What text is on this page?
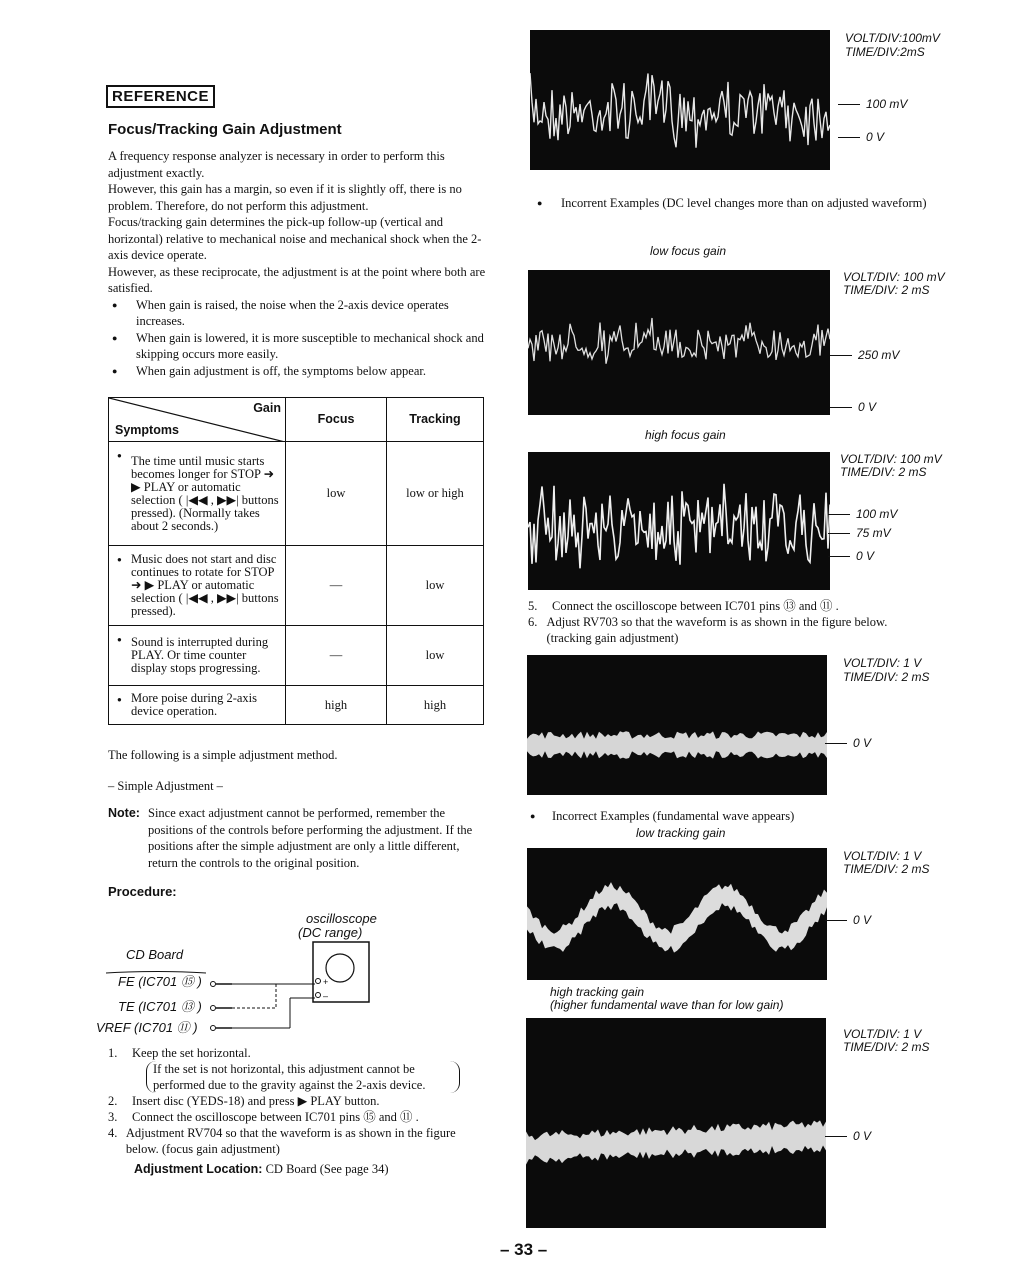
REFERENCE
Focus/Tracking Gain Adjustment
A frequency response analyzer is necessary in order to perform this adjustment exactly.
However, this gain has a margin, so even if it is slightly off, there is no problem. Therefore, do not perform this adjustment.
Focus/tracking gain determines the pick-up follow-up (vertical and horizontal) relative to mechanical noise and mechanical shock when the 2-axis device operate.
However, as these reciprocate, the adjustment is at the point where both are satisfied.
● When gain is raised, the noise when the 2-axis device operates increases.
● When gain is lowered, it is more susceptible to mechanical shock and skipping occurs more easily.
● When gain adjustment is off, the symptoms below appear.
Gain
Symptoms	Focus	Tracking
● The time until music starts becomes longer for STOP ➜ ▶ PLAY or automatic selection ( |◀◀ , ▶▶| buttons pressed). (Normally takes about 2 seconds.)	low	low or high
● Music does not start and disc continues to rotate for STOP ➜ ▶ PLAY or automatic selection ( |◀◀ , ▶▶| buttons pressed).	—	low
● Sound is interrupted during PLAY. Or time counter display stops progressing.	—	low
● More poise during 2-axis device operation.	high	high
The following is a simple adjustment method.
– Simple Adjustment –
Note: Since exact adjustment cannot be performed, remember the positions of the controls before performing the adjustment. If the positions after the simple adjustment are only a little different, return the controls to the original position.
Procedure:
oscilloscope
(DC range)
CD Board
FE (IC701 ⑮ )
TE (IC701 ⑬ )
VREF (IC701 ⑪ )
+
–
1. Keep the set horizontal.
If the set is not horizontal, this adjustment cannot be performed due to the gravity against the 2-axis device.
2. Insert disc (YEDS-18) and press ▶ PLAY button.
3. Connect the oscilloscope between IC701 pins ⑮ and ⑪ .
4. Adjustment RV704 so that the waveform is as shown in the figure below. (focus gain adjustment)
Adjustment Location: CD Board (See page 34)
VOLT/DIV:100mV
TIME/DIV:2mS
100 mV
0 V
● Incorrent Examples (DC level changes more than on adjusted waveform)
low focus gain
VOLT/DIV: 100 mV
TIME/DIV: 2 mS
250 mV
0 V
high focus gain
VOLT/DIV: 100 mV
TIME/DIV: 2 mS
100 mV
75 mV
0 V
5.	Connect the oscilloscope between IC701 pins ⑬ and ⑪ .
6. Adjust RV703 so that the waveform is as shown in the figure below. (tracking gain adjustment)
VOLT/DIV: 1 V
TIME/DIV: 2 mS
0 V
● Incorrect Examples (fundamental wave appears)
low tracking gain
VOLT/DIV: 1 V
TIME/DIV: 2 mS
0 V
high tracking gain
(higher fundamental wave than for low gain)
VOLT/DIV: 1 V
TIME/DIV: 2 mS
0 V
– 33 –
